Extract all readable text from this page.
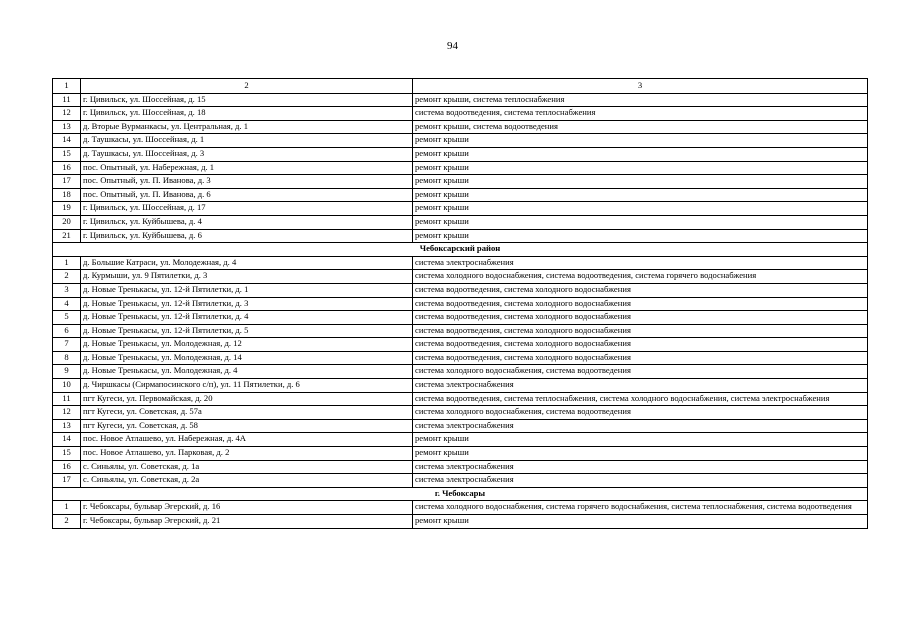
94
1	2	3
11	г. Цивильск, ул. Шоссейная, д. 15	ремонт крыши, система теплоснабжения
12	г. Цивильск, ул. Шоссейная, д. 18	система водоотведения, система теплоснабжения
13	д. Вторые Вурманкасы, ул. Центральная, д. 1	ремонт крыши, система водоотведения
14	д. Таушкасы, ул. Шоссейная, д. 1	ремонт крыши
15	д. Таушкасы, ул. Шоссейная, д. 3	ремонт крыши
16	пос. Опытный, ул. Набережная, д. 1	ремонт крыши
17	пос. Опытный, ул. П. Иванова, д. 3	ремонт крыши
18	пос. Опытный, ул. П. Иванова, д. 6	ремонт крыши
19	г. Цивильск, ул. Шоссейная, д. 17	ремонт крыши
20	г. Цивильск, ул. Куйбышева, д. 4	ремонт крыши
21	г. Цивильск, ул. Куйбышева, д. 6	ремонт крыши
Чебоксарский район		
1	д. Большие Катраси, ул. Молодежная, д. 4	система электроснабжения
2	д. Курмыши, ул. 9 Пятилетки, д. 3	система холодного водоснабжения, система водоотведения, система горячего водоснабжения
3	д. Новые Тренькасы, ул. 12-й Пятилетки, д. 1	система водоотведения, система холодного водоснабжения
4	д. Новые Тренькасы, ул. 12-й Пятилетки, д. 3	система водоотведения, система холодного водоснабжения
5	д. Новые Тренькасы, ул. 12-й Пятилетки, д. 4	система водоотведения, система холодного водоснабжения
6	д. Новые Тренькасы, ул. 12-й Пятилетки, д. 5	система водоотведения, система холодного водоснабжения
7	д. Новые Тренькасы, ул. Молодежная, д. 12	система водоотведения, система холодного водоснабжения
8	д. Новые Тренькасы, ул. Молодежная, д. 14	система водоотведения, система холодного водоснабжения
9	д. Новые Тренькасы, ул. Молодежная, д. 4	система холодного водоснабжения, система водоотведения
10	д. Чиршкасы (Сирмапосинского с/п), ул. 11 Пятилетки, д. 6	система электроснабжения
11	пгт Кугеси, ул. Первомайская, д. 20	система водоотведения, система теплоснабжения, система холодного водоснабжения, система электроснабжения
12	пгт Кугеси, ул. Советская, д. 57а	система холодного водоснабжения, система водоотведения
13	пгт Кугеси, ул. Советская, д. 58	система электроснабжения
14	пос. Новое Атлашево, ул. Набережная, д. 4А	ремонт крыши
15	пос. Новое Атлашево, ул. Парковая, д. 2	ремонт крыши
16	с. Синьялы, ул. Советская, д. 1а	система электроснабжения
17	с. Синьялы, ул. Советская, д. 2а	система электроснабжения
г. Чебоксары		
1	г. Чебоксары, бульвар Эгерский, д. 16	система холодного водоснабжения, система горячего водоснабжения, система теплоснабжения, система водоотведения
2	г. Чебоксары, бульвар Эгерский, д. 21	ремонт крыши
